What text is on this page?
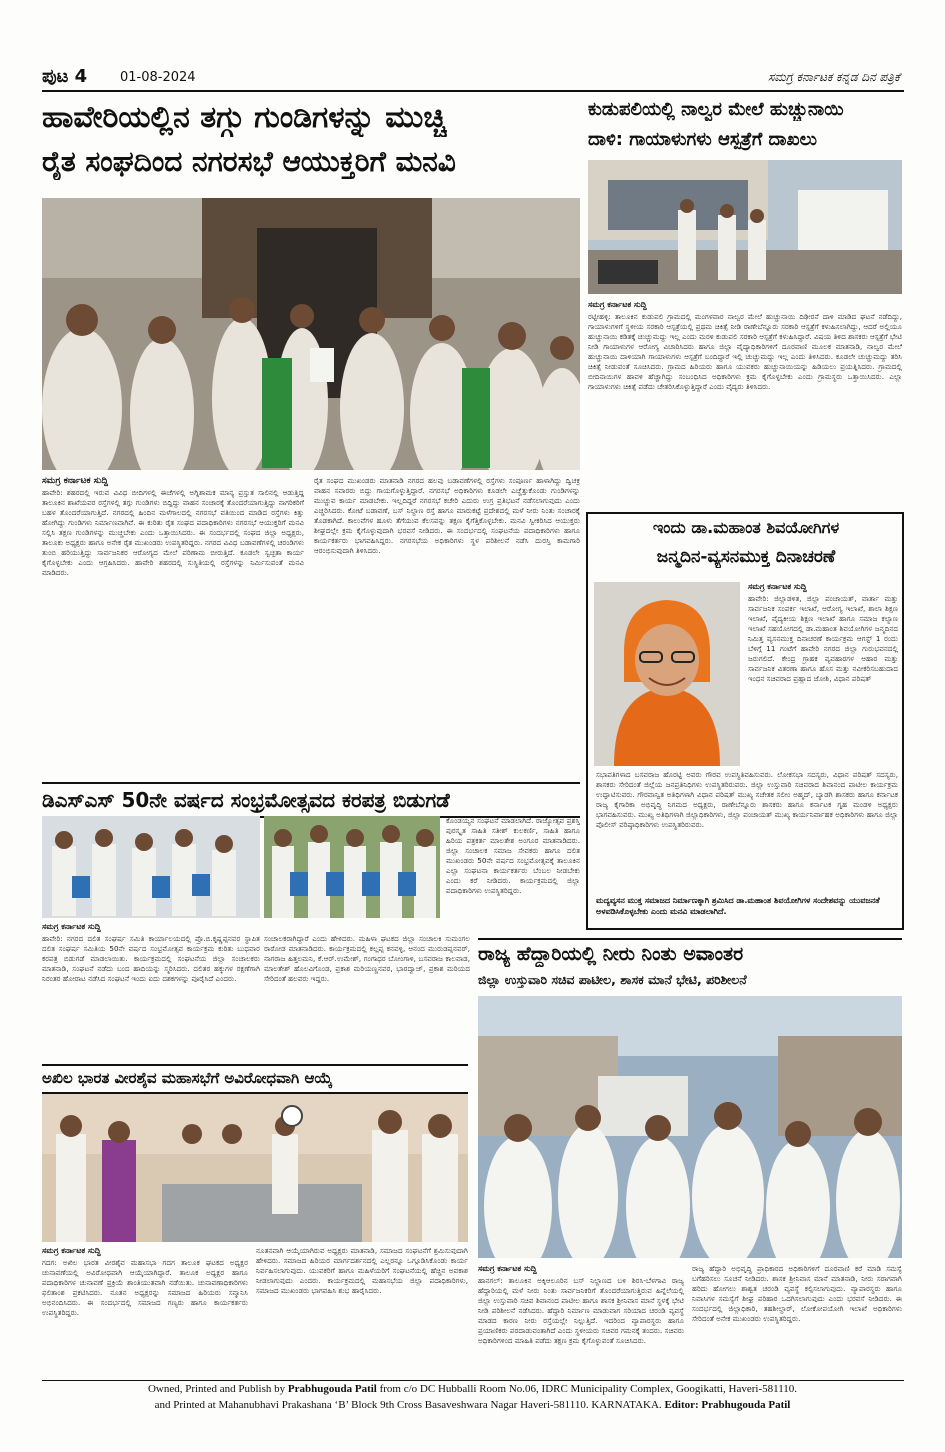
ಪುಟ 4	01-08-2024	ಸಮಗ್ರ ಕರ್ನಾಟಕ ಕನ್ನಡ ದಿನ ಪತ್ರಿಕೆ
ಹಾವೇರಿಯಲ್ಲಿನ ತಗ್ಗು ಗುಂಡಿಗಳನ್ನು ಮುಚ್ಚಿ
ರೈತ ಸಂಘದಿಂದ ನಗರಸಭೆ ಆಯುಕ್ತರಿಗೆ ಮನವಿ
ಸಮಗ್ರ ಕರ್ನಾಟಕ ಸುದ್ದಿ
ಹಾವೇರಿ: ಶಹರದಲ್ಲಿ ಇರುವ ವಿವಿಧ ಬೀದಿಗಳಲ್ಲಿ ಈಚೆಗಳಲ್ಲಿ ಅಗ್ನಿಶಾಮಕ ಮಾನ್ಯ ಪ್ರಸ್ತುತ ಸಾಲಿನಲ್ಲಿ ಆಡುತ್ತಿದ್ದ ತಾಲೂಕಿನ ಶಾಖೆಯವರ ರಸ್ತೆಗಳಲ್ಲಿ ತಗ್ಗು ಗುಂಡಿಗಳು ಬಿದ್ದಿದ್ದು ವಾಹನ ಸಂಚಾರಕ್ಕೆ ತೊಂದರೆಯಾಗುತ್ತಿದ್ದು ನಾಗರಿಕರಿಗೆ ಬಹಳ ತೊಂದರೆಯಾಗುತ್ತಿದೆ. ನಗರದಲ್ಲಿ ಹಿಂದಿನ ಮಳೆಗಾಲದಲ್ಲಿ ನಗರಸಭೆ ವತಿಯಿಂದ ಮಾಡಿದ ರಸ್ತೆಗಳು ಕಿತ್ತು ಹೋಗಿದ್ದು ಗುಂಡಿಗಳು ನಿರ್ಮಾಣವಾಗಿವೆ. ಈ ಕುರಿತು ರೈತ ಸಂಘದ ಪದಾಧಿಕಾರಿಗಳು ನಗರಸಭೆ ಆಯುಕ್ತರಿಗೆ ಮನವಿ ಸಲ್ಲಿಸಿ ತಕ್ಷಣ ಗುಂಡಿಗಳನ್ನು ಮುಚ್ಚಬೇಕು ಎಂದು ಒತ್ತಾಯಿಸಿದರು. ಈ ಸಂದರ್ಭದಲ್ಲಿ ಸಂಘದ ಜಿಲ್ಲಾ ಅಧ್ಯಕ್ಷರು, ತಾಲೂಕು ಅಧ್ಯಕ್ಷರು ಹಾಗೂ ಅನೇಕ ರೈತ ಮುಖಂಡರು ಉಪಸ್ಥಿತರಿದ್ದರು. ನಗರದ ವಿವಿಧ ಬಡಾವಣೆಗಳಲ್ಲಿ ಚರಂಡಿಗಳು ತುಂಬಿ ಹರಿಯುತ್ತಿದ್ದು ಸಾರ್ವಜನಿಕರ ಆರೋಗ್ಯದ ಮೇಲೆ ಪರಿಣಾಮ ಬೀರುತ್ತಿದೆ. ಕೂಡಲೇ ಸ್ವಚ್ಛತಾ ಕಾರ್ಯ ಕೈಗೊಳ್ಳಬೇಕು ಎಂದು ಆಗ್ರಹಿಸಿದರು. ಹಾವೇರಿ ಶಹರದಲ್ಲಿ ಸುಸ್ಥಿತಿಯಲ್ಲಿ ರಸ್ತೆಗಳನ್ನು ನಿರ್ಮಿಸುವಂತೆ ಮನವಿ ಮಾಡಿದರು.
ರೈತ ಸಂಘದ ಮುಖಂಡರು ಮಾತನಾಡಿ ನಗರದ ಹಲವು ಬಡಾವಣೆಗಳಲ್ಲಿ ರಸ್ತೆಗಳು ಸಂಪೂರ್ಣ ಹಾಳಾಗಿದ್ದು ದ್ವಿಚಕ್ರ ವಾಹನ ಸವಾರರು ಬಿದ್ದು ಗಾಯಗೊಳ್ಳುತ್ತಿದ್ದಾರೆ. ನಗರಸಭೆ ಅಧಿಕಾರಿಗಳು ಕೂಡಲೇ ಎಚ್ಚೆತ್ತುಕೊಂಡು ಗುಂಡಿಗಳನ್ನು ಮುಚ್ಚುವ ಕಾರ್ಯ ಮಾಡಬೇಕು. ಇಲ್ಲದಿದ್ದರೆ ನಗರಸಭೆ ಕಚೇರಿ ಎದುರು ಉಗ್ರ ಪ್ರತಿಭಟನೆ ನಡೆಸಲಾಗುವುದು ಎಂದು ಎಚ್ಚರಿಸಿದರು. ಕೋಟೆ ಬಡಾವಣೆ, ಬಸ್ ನಿಲ್ದಾಣ ರಸ್ತೆ ಹಾಗೂ ಮಾರುಕಟ್ಟೆ ಪ್ರದೇಶದಲ್ಲಿ ಮಳೆ ನೀರು ನಿಂತು ಸಂಚಾರಕ್ಕೆ ತೊಡಕಾಗಿದೆ. ಕಾಲುವೆಗಳ ಹೂಳು ತೆಗೆಯುವ ಕೆಲಸವನ್ನು ತಕ್ಷಣ ಕೈಗೆತ್ತಿಕೊಳ್ಳಬೇಕು. ಮನವಿ ಸ್ವೀಕರಿಸಿದ ಆಯುಕ್ತರು ಶೀಘ್ರದಲ್ಲೇ ಕ್ರಮ ಕೈಗೊಳ್ಳುವುದಾಗಿ ಭರವಸೆ ನೀಡಿದರು. ಈ ಸಂದರ್ಭದಲ್ಲಿ ಸಂಘಟನೆಯ ಪದಾಧಿಕಾರಿಗಳು ಹಾಗೂ ಕಾರ್ಯಕರ್ತರು ಭಾಗವಹಿಸಿದ್ದರು. ನಗರಸಭೆಯ ಅಧಿಕಾರಿಗಳು ಸ್ಥಳ ಪರಿಶೀಲನೆ ನಡೆಸಿ ದುರಸ್ತಿ ಕಾಮಗಾರಿ ಆರಂಭಿಸುವುದಾಗಿ ತಿಳಿಸಿದರು.
ಕುಡುಪಲಿಯಲ್ಲಿ ನಾಲ್ವರ ಮೇಲೆ ಹುಚ್ಚುನಾಯಿ
ದಾಳಿ: ಗಾಯಾಳುಗಳು ಆಸ್ಪತ್ರೆಗೆ ದಾಖಲು
ಸಮಗ್ರ ಕರ್ನಾಟಕ ಸುದ್ದಿ
ರಟ್ಟೀಹಳ್ಳಿ: ತಾಲೂಕಿನ ಕುಡುಪಲಿ ಗ್ರಾಮದಲ್ಲಿ ಮಂಗಳವಾರ ನಾಲ್ವರ ಮೇಲೆ ಹುಚ್ಚುನಾಯಿ ದಿಢೀರನೆ ದಾಳಿ ಮಾಡಿದ ಘಟನೆ ನಡೆದಿದ್ದು, ಗಾಯಾಳುಗಳಿಗೆ ಸ್ಥಳೀಯ ಸರಕಾರಿ ಆಸ್ಪತ್ರೆಯಲ್ಲಿ ಪ್ರಥಮ ಚಿಕಿತ್ಸೆ ನೀಡಿ ರಾಣೇಬೆನ್ನೂರು ಸರಕಾರಿ ಆಸ್ಪತ್ರೆಗೆ ಕಳುಹಿಸಲಾಗಿದ್ದು, ಆದರೆ ಅಲ್ಲಿಯೂ ಹುಚ್ಚುನಾಯಿ ಕಡಿತಕ್ಕೆ ಚುಚ್ಚುಮದ್ದು ಇಲ್ಲ ಎಂದು ಮರಳಿ ಕುಡುಪಲಿ ಸರಕಾರಿ ಆಸ್ಪತ್ರೆಗೆ ಕಳುಹಿಸಿದ್ದಾರೆ. ವಿಷಯ ತಿಳಿದ ಶಾಸಕರು ಆಸ್ಪತ್ರೆಗೆ ಭೇಟಿ ನೀಡಿ ಗಾಯಾಳುಗಳ ಆರೋಗ್ಯ ವಿಚಾರಿಸಿದರು ಹಾಗೂ ಜಿಲ್ಲಾ ವೈದ್ಯಾಧಿಕಾರಿಗಳಿಗೆ ದೂರವಾಣಿ ಮೂಲಕ ಮಾತನಾಡಿ, ನಾಲ್ವರ ಮೇಲೆ ಹುಚ್ಚುನಾಯಿ ದಾಳಿಯಾಗಿ ಗಾಯಾಳುಗಳು ಆಸ್ಪತ್ರೆಗೆ ಬಂದಿದ್ದಾರೆ ಇಲ್ಲಿ ಚುಚ್ಚುಮದ್ದು ಇಲ್ಲ ಎಂದು ತಿಳಿಸಿದರು. ಕೂಡಲೇ ಚುಚ್ಚುಮದ್ದು ತರಿಸಿ ಚಿಕಿತ್ಸೆ ನೀಡುವಂತೆ ಸೂಚಿಸಿದರು. ಗ್ರಾಮದ ಹಿರಿಯರು ಹಾಗೂ ಯುವಕರು ಹುಚ್ಚುನಾಯಿಯನ್ನು ಹಿಡಿಯಲು ಪ್ರಯತ್ನಿಸಿದರು. ಗ್ರಾಮದಲ್ಲಿ ಬೀದಿನಾಯಿಗಳ ಹಾವಳಿ ಹೆಚ್ಚಾಗಿದ್ದು ಸಂಬಂಧಿಸಿದ ಅಧಿಕಾರಿಗಳು ಕ್ರಮ ಕೈಗೊಳ್ಳಬೇಕು ಎಂದು ಗ್ರಾಮಸ್ಥರು ಒತ್ತಾಯಿಸಿದರು. ಎಲ್ಲಾ ಗಾಯಾಳುಗಳು ಚಿಕಿತ್ಸೆ ಪಡೆದು ಚೇತರಿಸಿಕೊಳ್ಳುತ್ತಿದ್ದಾರೆ ಎಂದು ವೈದ್ಯರು ತಿಳಿಸಿದರು.
ಇಂದು ಡಾ.ಮಹಾಂತ ಶಿವಯೋಗಿಗಳ
ಜನ್ಮದಿನ-ವ್ಯಸನಮುಕ್ತ ದಿನಾಚರಣೆ
ಸಮಗ್ರ ಕರ್ನಾಟಕ ಸುದ್ದಿ
ಹಾವೇರಿ: ಜಿಲ್ಲಾಡಳಿತ, ಜಿಲ್ಲಾ ಪಂಚಾಯತ್, ವಾರ್ತಾ ಮತ್ತು ಸಾರ್ವಜನಿಕ ಸಂಪರ್ಕ ಇಲಾಖೆ, ಆರೋಗ್ಯ ಇಲಾಖೆ, ಶಾಲಾ ಶಿಕ್ಷಣ ಇಲಾಖೆ, ವೈದ್ಯಕೀಯ ಶಿಕ್ಷಣ ಇಲಾಖೆ ಹಾಗೂ ಸಮಾಜ ಕಲ್ಯಾಣ ಇಲಾಖೆ ಸಹಯೋಗದಲ್ಲಿ ಡಾ.ಮಹಾಂತ ಶಿವಯೋಗಿಗಳ ಜನ್ಮದಿನದ ನಿಮಿತ್ತ ವ್ಯಸನಮುಕ್ತ ದಿನಾಚರಣೆ ಕಾರ್ಯಕ್ರಮ ಆಗಸ್ಟ್ 1 ರಂದು ಬೆಳಿಗ್ಗೆ 11 ಗಂಟೆಗೆ ಹಾವೇರಿ ನಗರದ ಜಿಲ್ಲಾ ಗುರುಭವನದಲ್ಲಿ ಜರುಗಲಿದೆ. ಕೇಂದ್ರ ಗ್ರಾಹಕ ವ್ಯವಹಾರಗಳ ಆಹಾರ ಮತ್ತು ಸಾರ್ವಜನಿಕ ವಿತರಣಾ ಹಾಗೂ ಹೊಸ ಮತ್ತು ನವೀಕರಿಸಬಹುದಾದ ಇಂಧನ ಸಚಿವರಾದ ಪ್ರಹ್ಲಾದ ಜೋಶಿ, ವಿಧಾನ ಪರಿಷತ್
ಸಭಾಪತಿಗಳಾದ ಬಸವರಾಜ ಹೊರಟ್ಟಿ ಅವರು ಗೌರವ ಉಪಸ್ಥಿತಿವಹಿಸುವರು. ಲೋಕಸಭಾ ಸದಸ್ಯರು, ವಿಧಾನ ಪರಿಷತ್ ಸದಸ್ಯರು, ಶಾಸಕರು ಸೇರಿದಂತೆ ಜಿಲ್ಲೆಯ ಜನಪ್ರತಿನಿಧಿಗಳು ಉಪಸ್ಥಿತರಿರುವರು. ಜಿಲ್ಲಾ ಉಸ್ತುವಾರಿ ಸಚಿವರಾದ ಶಿವಾನಂದ ಪಾಟೀಲ ಕಾರ್ಯಕ್ರಮ ಉದ್ಘಾಟಿಸುವರು. ಗೌರವಾನ್ವಿತ ಅತಿಥಿಗಳಾಗಿ ವಿಧಾನ ಪರಿಷತ್ ಮುಖ್ಯ ಸಚೇತಕ ಸಲೀಂ ಅಹ್ಮದ್, ಬ್ಯಾಡಗಿ ಶಾಸಕರು ಹಾಗೂ ಕರ್ನಾಟಕ ರಾಜ್ಯ ಕೈಗಾರಿಕಾ ಅಭಿವೃದ್ಧಿ ನಿಗಮದ ಅಧ್ಯಕ್ಷರು, ರಾಣೇಬೆನ್ನೂರು ಶಾಸಕರು ಹಾಗೂ ಕರ್ನಾಟಕ ಗೃಹ ಮಂಡಳಿ ಅಧ್ಯಕ್ಷರು ಭಾಗವಹಿಸುವರು. ಮುಖ್ಯ ಅತಿಥಿಗಳಾಗಿ ಜಿಲ್ಲಾಧಿಕಾರಿಗಳು, ಜಿಲ್ಲಾ ಪಂಚಾಯತ್ ಮುಖ್ಯ ಕಾರ್ಯನಿರ್ವಾಹಕ ಅಧಿಕಾರಿಗಳು ಹಾಗೂ ಜಿಲ್ಲಾ ಪೊಲೀಸ್ ವರಿಷ್ಠಾಧಿಕಾರಿಗಳು ಉಪಸ್ಥಿತರಿರುವರು.
ಮದ್ಯವ್ಯಸನ ಮುಕ್ತ ಸಮಾಜದ ನಿರ್ಮಾಣಕ್ಕಾಗಿ ಶ್ರಮಿಸಿದ ಡಾ.ಮಹಾಂತ ಶಿವಯೋಗಿಗಳ ಸಂದೇಶವನ್ನು ಯುವಜನತೆ ಅಳವಡಿಸಿಕೊಳ್ಳಬೇಕು ಎಂದು ಮನವಿ ಮಾಡಲಾಗಿದೆ.
ಡಿಎಸ್‌ಎಸ್ 50ನೇ ವರ್ಷದ ಸಂಭ್ರಮೋತ್ಸವದ ಕರಪತ್ರ ಬಿಡುಗಡೆ
ಕೊಂಡಯ್ಯನ ಸಂಘಟನೆ ಮಾಡಲಾಗಿದೆ. ರಾಜ್ಯೋತ್ಸವ ಪ್ರಶಸ್ತಿ ಪುರಸ್ಕೃತ ಸಾಹಿತಿ ಸತೀಶ್ ಕುಲಕರ್ಣಿ, ಸಾಹಿತಿ ಹಾಗೂ ಹಿರಿಯ ಪತ್ರಕರ್ತ ಮಾಲತೇಶ ಅಂಗೂರ ಮಾತನಾಡಿದರು. ಜಿಲ್ಲಾ ಸಂಚಾಲಕ ಸಮಾಜ ಸೇವಕರು ಹಾಗೂ ದಲಿತ ಮುಖಂಡರು 50ನೇ ವರ್ಷದ ಸಂಭ್ರಮೋತ್ಸವಕ್ಕೆ ತಾಲೂಕಿನ ಎಲ್ಲಾ ಸಂಘಟನಾ ಕಾರ್ಯಕರ್ತರು ಬೆಂಬಲ ನೀಡಬೇಕು ಎಂದು ಕರೆ ನೀಡಿದರು. ಕಾರ್ಯಕ್ರಮದಲ್ಲಿ ಜಿಲ್ಲಾ ಪದಾಧಿಕಾರಿಗಳು ಉಪಸ್ಥಿತರಿದ್ದರು.
ಸಮಗ್ರ ಕರ್ನಾಟಕ ಸುದ್ದಿ
ಹಾವೇರಿ: ನಗರದ ದಲಿತ ಸಂಘರ್ಷ ಸಮಿತಿ ಕಾರ್ಯಾಲಯದಲ್ಲಿ ಪ್ರೊ.ಬಿ.ಕೃಷ್ಣಪ್ಪನವರ ಸ್ಥಾಪಿತ ದಲಿತ ಸಂಘರ್ಷ ಸಮಿತಿಯ 50ನೇ ವರ್ಷದ ಸಂಭ್ರಮೋತ್ಸವ ಕಾರ್ಯಕ್ರಮ ಕುರಿತು ಬುಧವಾರ ಕರಪತ್ರ ಬಿಡುಗಡೆ ಮಾಡಲಾಯಿತು. ಕಾರ್ಯಕ್ರಮದಲ್ಲಿ ಸಂಘಟನೆಯ ಜಿಲ್ಲಾ ಸಂಚಾಲಕರು ಮಾತನಾಡಿ, ಸಂಘಟನೆ ನಡೆದು ಬಂದ ಹಾದಿಯನ್ನು ಸ್ಮರಿಸಿದರು. ದಲಿತರ ಹಕ್ಕುಗಳ ರಕ್ಷಣೆಗಾಗಿ ನಿರಂತರ ಹೋರಾಟ ನಡೆಸಿದ ಸಂಘಟನೆ ಇಂದು ಐದು ದಶಕಗಳನ್ನು ಪೂರೈಸಿದೆ ಎಂದರು.
ಸಂಚಾಲಕರಾಗಿದ್ದಾರೆ ಎಂದು ಹೇಳಿದರು. ಮಹಿಳಾ ಘಟಕದ ಜಿಲ್ಲಾ ಸಂಚಾಲಕಿ ಸುಮಂಗಲ ರಾಠೋಡ ಮಾತನಾಡಿದರು. ಕಾರ್ಯಕ್ರಮದಲ್ಲಿ ಕಲ್ಲಪ್ಪ ಕನವಳ್ಳಿ, ಆನಂದ ಮುರುಡಪ್ಪನವರ್, ನಾಗರಾಜ ಹಿತ್ತಲಮನಿ, ಕೆ.ಆರ್.ಉಮೇಶ್, ಗಂಗಾಧರ ಬೋಂಗಾಳಿ, ಬಸವರಾಜ ಕಾಲವಾಡ, ಮಾಲತೇಶ್ ಹೊಲವಿಗೊಂಡ, ಪ್ರಕಾಶ ಮರಿಯಣ್ಣನವರ, ಭಾರದ್ವಾಜ್, ಪ್ರಕಾಶ ಮರಿಯದ ಸೇರಿದಂತೆ ಹಲವರು ಇದ್ದರು.
ಅಖಿಲ ಭಾರತ ವೀರಶೈವ ಮಹಾಸಭೆಗೆ ಅವಿರೋಧವಾಗಿ ಆಯ್ಕೆ
ಸಮಗ್ರ ಕರ್ನಾಟಕ ಸುದ್ದಿ
ಗದಗ: ಅಖಿಲ ಭಾರತ ವೀರಶೈವ ಮಹಾಸಭಾ ಗದಗ ತಾಲೂಕ ಘಟಕದ ಅಧ್ಯಕ್ಷರ ಚುನಾವಣೆಯಲ್ಲಿ ಅವಿರೋಧವಾಗಿ ಆಯ್ಕೆಯಾಗಿದ್ದಾರೆ. ತಾಲೂಕ ಅಧ್ಯಕ್ಷರ ಹಾಗೂ ಪದಾಧಿಕಾರಿಗಳ ಚುನಾವಣೆ ಪ್ರಕ್ರಿಯೆ ಶಾಂತಿಯುತವಾಗಿ ನಡೆಯಿತು. ಚುನಾವಣಾಧಿಕಾರಿಗಳು ಫಲಿತಾಂಶ ಪ್ರಕಟಿಸಿದರು. ನೂತನ ಅಧ್ಯಕ್ಷರನ್ನು ಸಮಾಜದ ಹಿರಿಯರು ಸನ್ಮಾನಿಸಿ ಅಭಿನಂದಿಸಿದರು. ಈ ಸಂದರ್ಭದಲ್ಲಿ ಸಮಾಜದ ಗಣ್ಯರು ಹಾಗೂ ಕಾರ್ಯಕರ್ತರು ಉಪಸ್ಥಿತರಿದ್ದರು.
ನೂತನವಾಗಿ ಆಯ್ಕೆಯಾಗಿರುವ ಅಧ್ಯಕ್ಷರು ಮಾತನಾಡಿ, ಸಮಾಜದ ಸಂಘಟನೆಗೆ ಶ್ರಮಿಸುವುದಾಗಿ ಹೇಳಿದರು. ಸಮಾಜದ ಹಿರಿಯರ ಮಾರ್ಗದರ್ಶನದಲ್ಲಿ ಎಲ್ಲರನ್ನೂ ಒಗ್ಗೂಡಿಸಿಕೊಂಡು ಕಾರ್ಯ ನಿರ್ವಹಿಸಲಾಗುವುದು. ಯುವಕರಿಗೆ ಹಾಗೂ ಮಹಿಳೆಯರಿಗೆ ಸಂಘಟನೆಯಲ್ಲಿ ಹೆಚ್ಚಿನ ಅವಕಾಶ ನೀಡಲಾಗುವುದು ಎಂದರು. ಕಾರ್ಯಕ್ರಮದಲ್ಲಿ ಮಹಾಸಭೆಯ ಜಿಲ್ಲಾ ಪದಾಧಿಕಾರಿಗಳು, ಸಮಾಜದ ಮುಖಂಡರು ಭಾಗವಹಿಸಿ ಶುಭ ಹಾರೈಸಿದರು.
ರಾಜ್ಯ ಹೆದ್ದಾರಿಯಲ್ಲಿ ನೀರು ನಿಂತು ಅವಾಂತರ
ಜಿಲ್ಲಾ ಉಸ್ತುವಾರಿ ಸಚಿವ ಪಾಟೀಲ, ಶಾಸಕ ಮಾನೆ ಭೇಟಿ, ಪರಿಶೀಲನೆ
ಸಮಗ್ರ ಕರ್ನಾಟಕ ಸುದ್ದಿ
ಹಾನಗಲ್: ತಾಲೂಕಿನ ಅಕ್ಕಿಆಲೂರಿನ ಬಸ್ ನಿಲ್ದಾಣದ ಬಳಿ ಶಿರಸಿ-ಬೆಳಗಾವಿ ರಾಜ್ಯ ಹೆದ್ದಾರಿಯಲ್ಲಿ ಮಳೆ ನೀರು ನಿಂತು ಸಾರ್ವಜನಿಕರಿಗೆ ತೊಂದರೆಯಾಗುತ್ತಿರುವ ಹಿನ್ನೆಲೆಯಲ್ಲಿ ಜಿಲ್ಲಾ ಉಸ್ತುವಾರಿ ಸಚಿವ ಶಿವಾನಂದ ಪಾಟೀಲ ಹಾಗೂ ಶಾಸಕ ಶ್ರೀನಿವಾಸ ಮಾನೆ ಸ್ಥಳಕ್ಕೆ ಭೇಟಿ ನೀಡಿ ಪರಿಶೀಲನೆ ನಡೆಸಿದರು. ಹೆದ್ದಾರಿ ನಿರ್ಮಾಣ ಮಾಡುವಾಗ ಸರಿಯಾದ ಚರಂಡಿ ವ್ಯವಸ್ಥೆ ಮಾಡದ ಕಾರಣ ನೀರು ರಸ್ತೆಯಲ್ಲೇ ನಿಲ್ಲುತ್ತಿದೆ. ಇದರಿಂದ ವ್ಯಾಪಾರಸ್ಥರು ಹಾಗೂ ಪ್ರಯಾಣಿಕರು ಪರದಾಡುವಂತಾಗಿದೆ ಎಂದು ಸ್ಥಳೀಯರು ಸಚಿವರ ಗಮನಕ್ಕೆ ತಂದರು. ಸಚಿವರು ಅಧಿಕಾರಿಗಳಿಂದ ಮಾಹಿತಿ ಪಡೆದು ತಕ್ಷಣ ಕ್ರಮ ಕೈಗೊಳ್ಳುವಂತೆ ಸೂಚಿಸಿದರು.
ರಾಜ್ಯ ಹೆದ್ದಾರಿ ಅಭಿವೃದ್ಧಿ ಪ್ರಾಧಿಕಾರದ ಅಧಿಕಾರಿಗಳಿಗೆ ದೂರವಾಣಿ ಕರೆ ಮಾಡಿ ಸಮಸ್ಯೆ ಬಗೆಹರಿಸಲು ಸೂಚನೆ ನೀಡಿದರು. ಶಾಸಕ ಶ್ರೀನಿವಾಸ ಮಾನೆ ಮಾತನಾಡಿ, ನೀರು ಸರಾಗವಾಗಿ ಹರಿದು ಹೋಗಲು ಶಾಶ್ವತ ಚರಂಡಿ ವ್ಯವಸ್ಥೆ ಕಲ್ಪಿಸಲಾಗುವುದು. ವ್ಯಾಪಾರಸ್ಥರು ಹಾಗೂ ನಿವಾಸಿಗಳ ಸಮಸ್ಯೆಗೆ ಶೀಘ್ರ ಪರಿಹಾರ ಒದಗಿಸಲಾಗುವುದು ಎಂದು ಭರವಸೆ ನೀಡಿದರು. ಈ ಸಂದರ್ಭದಲ್ಲಿ ಜಿಲ್ಲಾಧಿಕಾರಿ, ತಹಶೀಲ್ದಾರ್, ಲೋಕೋಪಯೋಗಿ ಇಲಾಖೆ ಅಧಿಕಾರಿಗಳು ಸೇರಿದಂತೆ ಅನೇಕ ಮುಖಂಡರು ಉಪಸ್ಥಿತರಿದ್ದರು.
Owned, Printed and Publish by Prabhugouda Patil from c/o DC Hubballi Room No.06, IDRC Municipality Complex, Googikatti, Haveri-581110.
and Printed at Mahanubhavi Prakashana ‘B’ Block 9th Cross Basaveshwara Nagar Haveri-581110. KARNATAKA. Editor: Prabhugouda Patil
